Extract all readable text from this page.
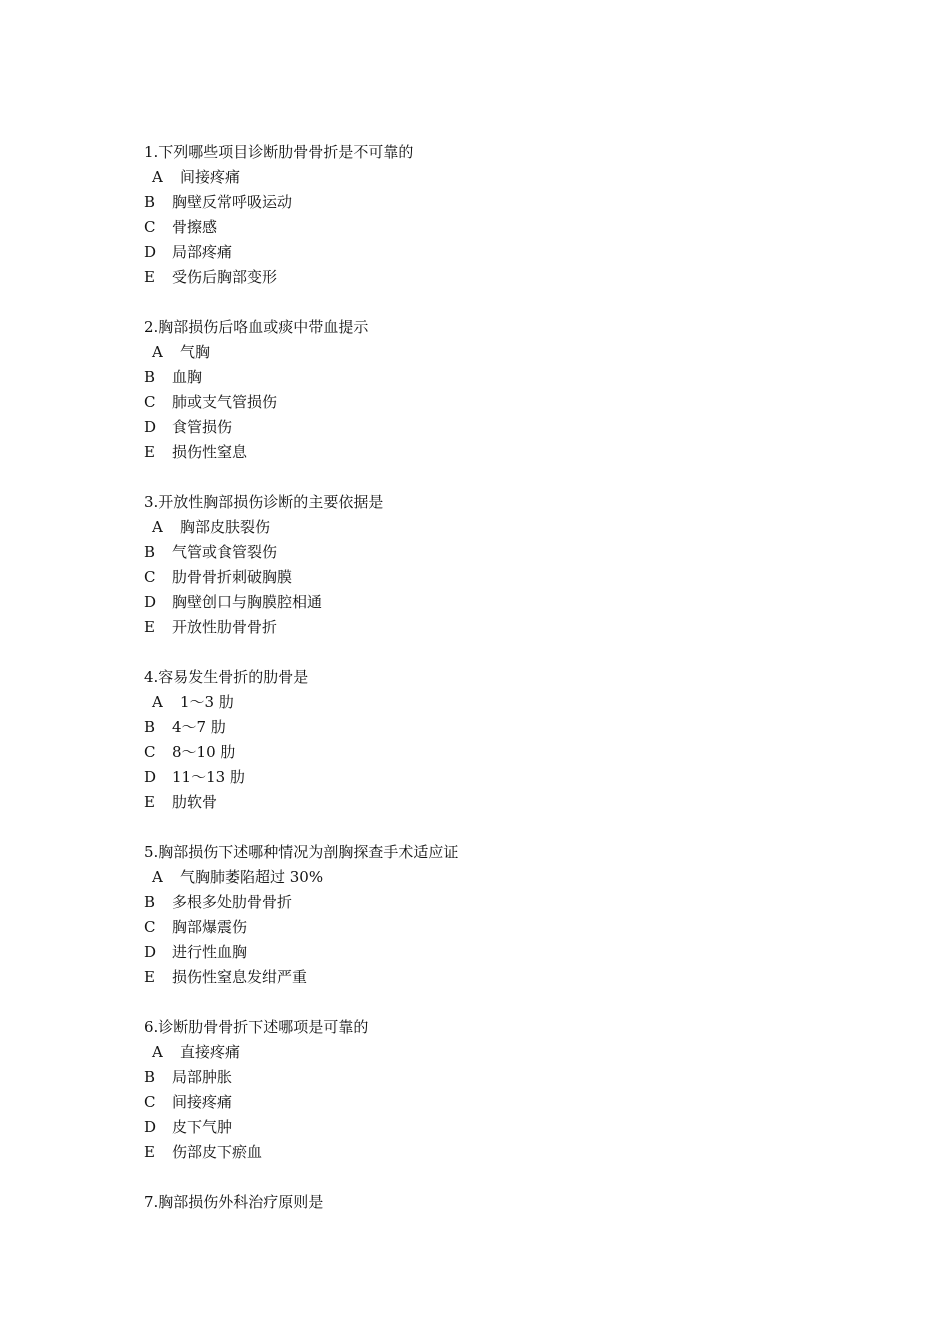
1.下列哪些项目诊断肋骨骨折是不可靠的
A 间接疼痛
B 胸壁反常呼吸运动
C 骨擦感
D 局部疼痛
E 受伤后胸部变形
2.胸部损伤后咯血或痰中带血提示
A 气胸
B 血胸
C 肺或支气管损伤
D 食管损伤
E 损伤性窒息
3.开放性胸部损伤诊断的主要依据是
A 胸部皮肤裂伤
B 气管或食管裂伤
C 肋骨骨折刺破胸膜
D 胸壁创口与胸膜腔相通
E 开放性肋骨骨折
4.容易发生骨折的肋骨是
A 1～3 肋
B 4～7 肋
C 8～10 肋
D 11～13 肋
E 肋软骨
5.胸部损伤下述哪种情况为剖胸探查手术适应证
A 气胸肺萎陷超过 30%
B 多根多处肋骨骨折
C 胸部爆震伤
D 进行性血胸
E 损伤性窒息发绀严重
6.诊断肋骨骨折下述哪项是可靠的
A 直接疼痛
B 局部肿胀
C 间接疼痛
D 皮下气肿
E 伤部皮下瘀血
7.胸部损伤外科治疗原则是
